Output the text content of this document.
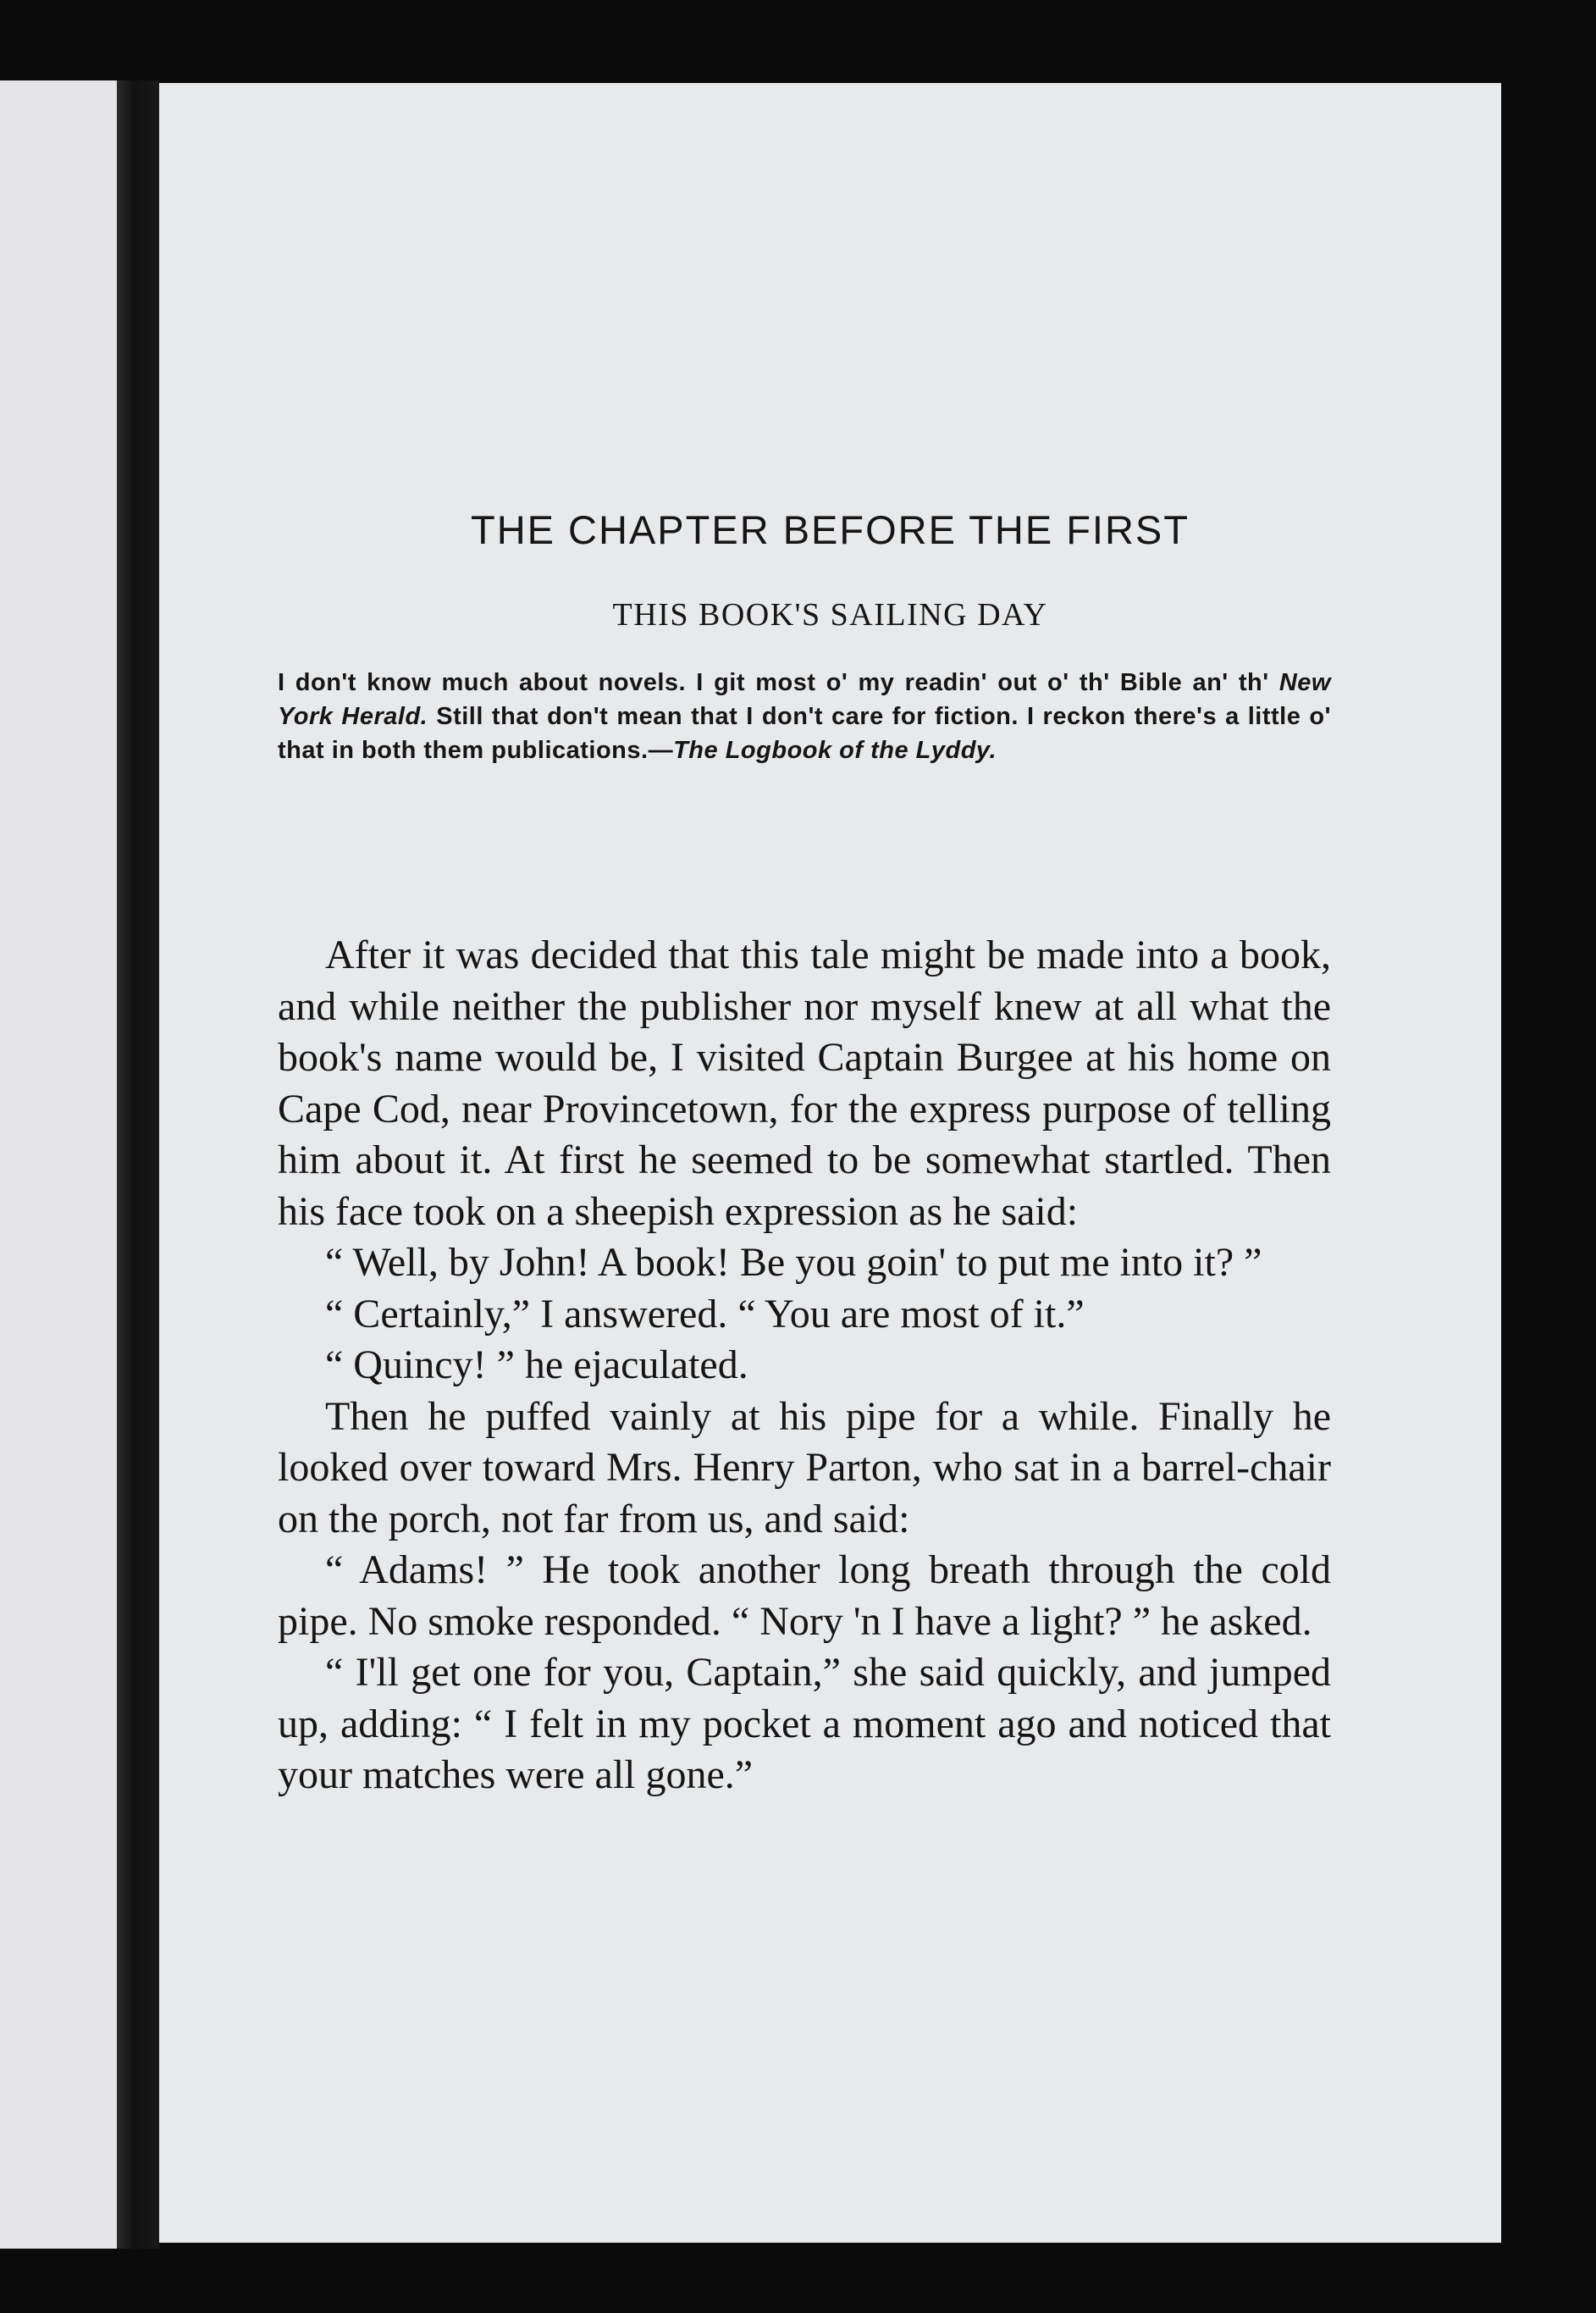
THE CHAPTER BEFORE THE FIRST
THIS BOOK'S SAILING DAY

I don't know much about novels. I git most o' my readin' out o' th' Bible an' th' New York Herald. Still that don't mean that I don't care for fiction. I reckon there's a little o' that in both them publications.—The Logbook of the Lyddy.

After it was decided that this tale might be made into a book, and while neither the publisher nor myself knew at all what the book's name would be, I visited Captain Burgee at his home on Cape Cod, near Provincetown, for the express purpose of telling him about it. At first he seemed to be somewhat startled. Then his face took on a sheepish expression as he said:

“ Well, by John! A book! Be you goin' to put me into it? ”

“ Certainly,” I answered. “ You are most of it.”

“ Quincy! ” he ejaculated.

Then he puffed vainly at his pipe for a while. Finally he looked over toward Mrs. Henry Parton, who sat in a barrel-chair on the porch, not far from us, and said:

“ Adams! ” He took another long breath through the cold pipe. No smoke responded. “ Nory 'n I have a light? ” he asked.

“ I'll get one for you, Captain,” she said quickly, and jumped up, adding: “ I felt in my pocket a moment ago and noticed that your matches were all gone.”
